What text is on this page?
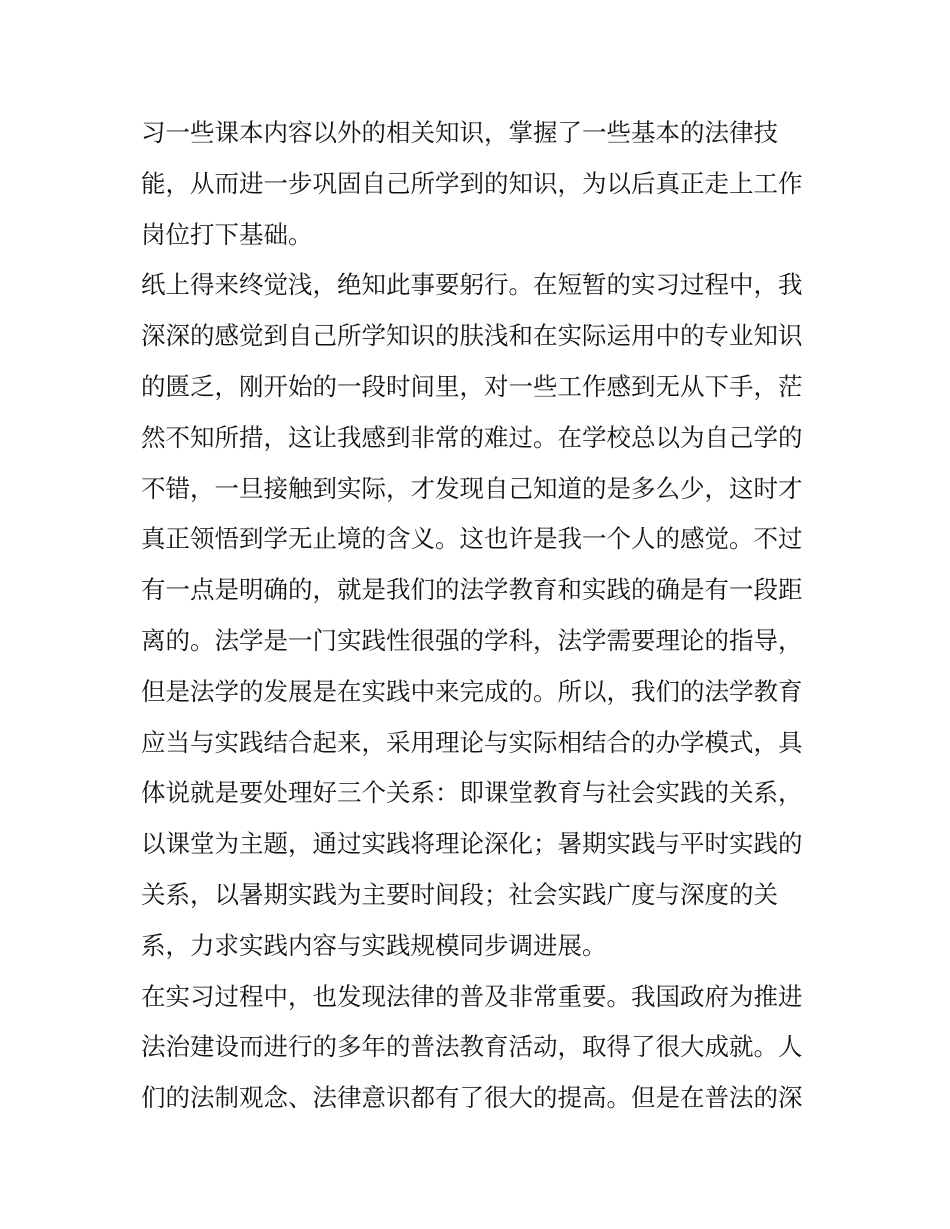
习一些课本内容以外的相关知识，掌握了一些基本的法律技
能，从而进一步巩固自己所学到的知识，为以后真正走上工作
岗位打下基础。
纸上得来终觉浅，绝知此事要躬行。在短暂的实习过程中，我
深深的感觉到自己所学知识的肤浅和在实际运用中的专业知识
的匮乏，刚开始的一段时间里，对一些工作感到无从下手，茫
然不知所措，这让我感到非常的难过。在学校总以为自己学的
不错，一旦接触到实际，才发现自己知道的是多么少，这时才
真正领悟到学无止境的含义。这也许是我一个人的感觉。不过
有一点是明确的，就是我们的法学教育和实践的确是有一段距
离的。法学是一门实践性很强的学科，法学需要理论的指导，
但是法学的发展是在实践中来完成的。所以，我们的法学教育
应当与实践结合起来，采用理论与实际相结合的办学模式，具
体说就是要处理好三个关系：即课堂教育与社会实践的关系，
以课堂为主题，通过实践将理论深化；暑期实践与平时实践的
关系，以暑期实践为主要时间段；社会实践广度与深度的关
系，力求实践内容与实践规模同步调进展。
在实习过程中，也发现法律的普及非常重要。我国政府为推进
法治建设而进行的多年的普法教育活动，取得了很大成就。人
们的法制观念、法律意识都有了很大的提高。但是在普法的深
